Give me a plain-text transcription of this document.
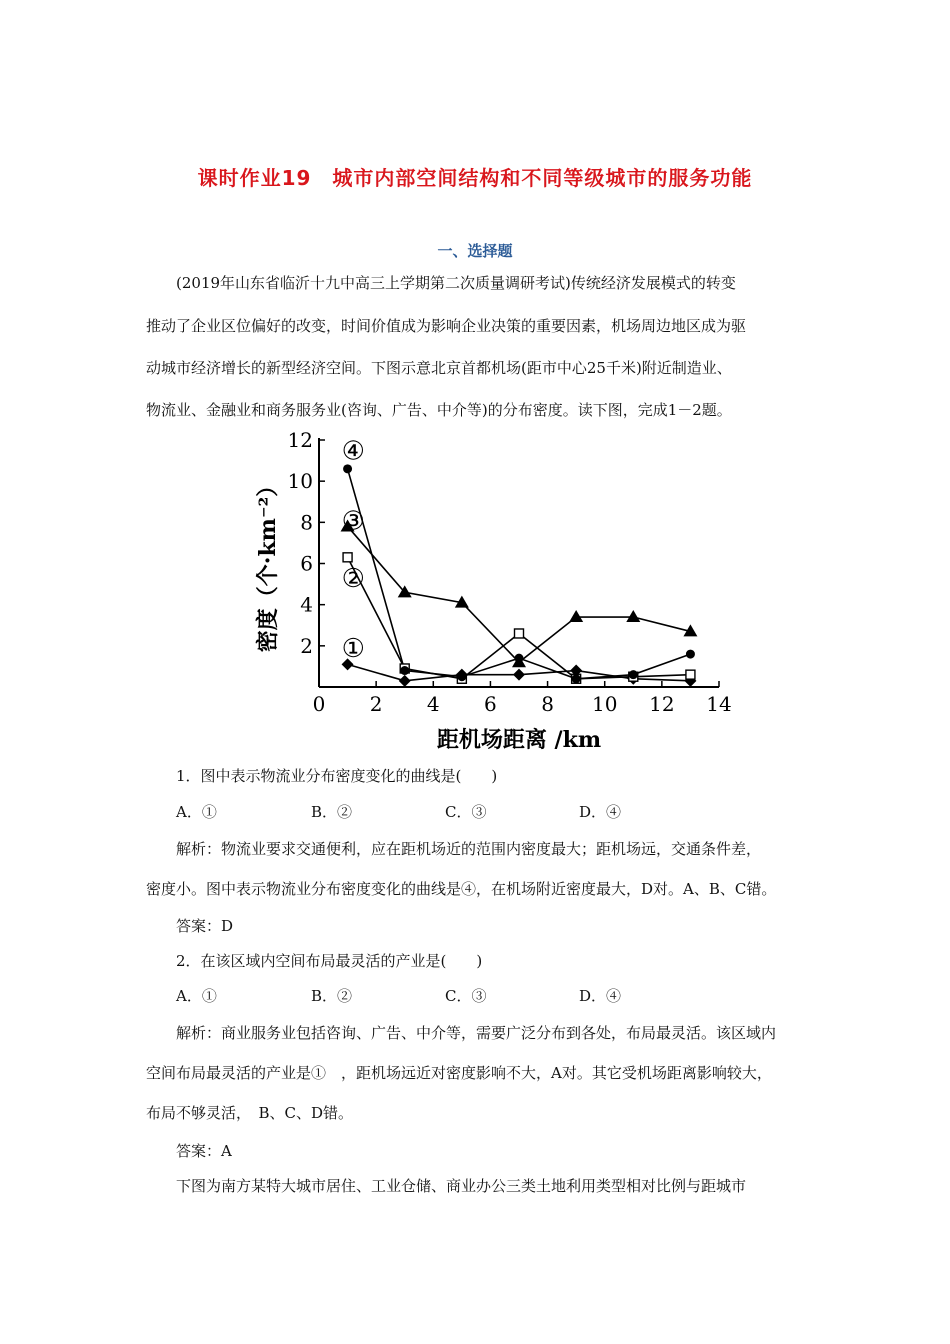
课时作业19　城市内部空间结构和不同等级城市的服务功能
一、选择题
(2019年山东省临沂十九中高三上学期第二次质量调研考试)传统经济发展模式的转变
推动了企业区位偏好的改变，时间价值成为影响企业决策的重要因素，机场周边地区成为驱
动城市经济增长的新型经济空间。下图示意北京首都机场(距市中心25千米)附近制造业、
物流业、金融业和商务服务业(咨询、广告、中介等)的分布密度。读下图，完成1－2题。
0 2 4 6 8 10 12 14
2
4
6
8
10
12
距机场距离 /km
密度（个·km⁻²） ①
②
③
④
1．图中表示物流业分布密度变化的曲线是(　　)
A．①	B．②	C．③	D．④
解析：物流业要求交通便利，应在距机场近的范围内密度最大；距机场远，交通条件差，
密度小。图中表示物流业分布密度变化的曲线是④，在机场附近密度最大，D对。A、B、C错。
答案：D
2．在该区域内空间布局最灵活的产业是(　　)
A．①	B．②	C．③	D．④
解析：商业服务业包括咨询、广告、中介等，需要广泛分布到各处，布局最灵活。该区域内
空间布局最灵活的产业是①　，距机场远近对密度影响不大，A对。其它受机场距离影响较大，
布局不够灵活，　B、C、D错。
答案：A
下图为南方某特大城市居住、工业仓储、商业办公三类土地利用类型相对比例与距城市
